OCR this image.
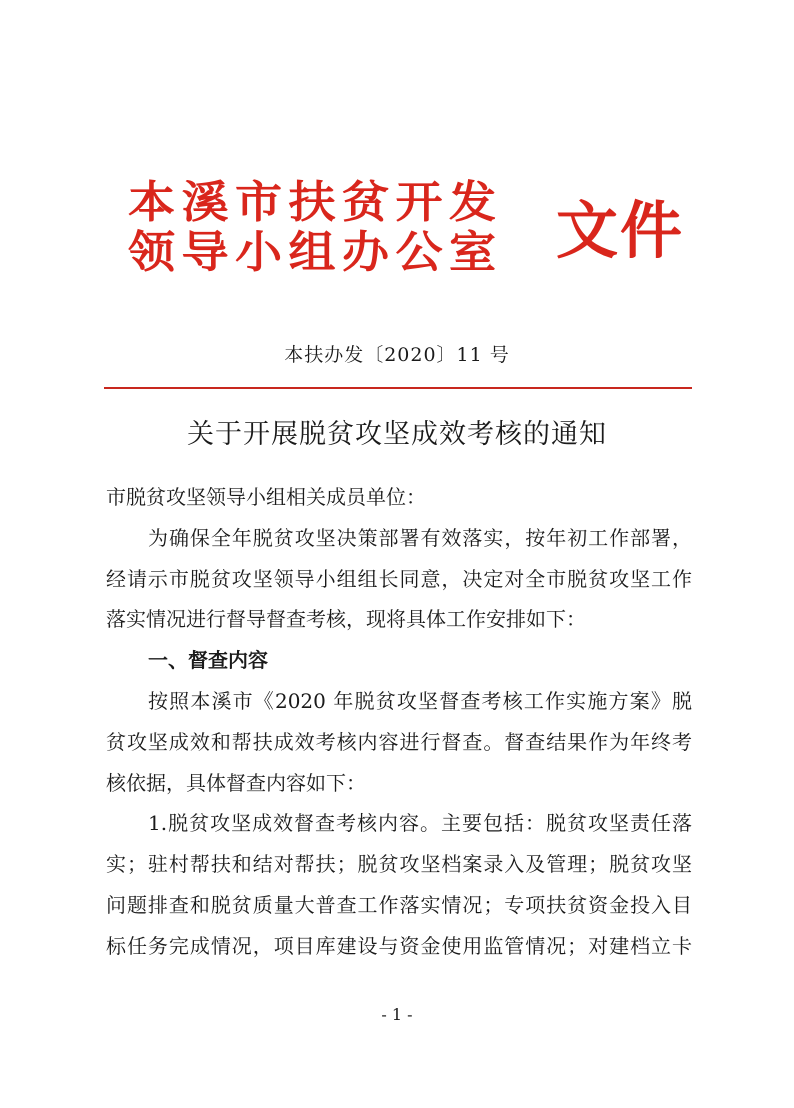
本溪市扶贫开发
领导小组办公室 文件
本扶办发〔2020〕11 号
关于开展脱贫攻坚成效考核的通知

市脱贫攻坚领导小组相关成员单位：

为确保全年脱贫攻坚决策部署有效落实，按年初工作部署，

经请示市脱贫攻坚领导小组组长同意，决定对全市脱贫攻坚工作

落实情况进行督导督查考核，现将具体工作安排如下：

一、督查内容

按照本溪市《2020 年脱贫攻坚督查考核工作实施方案》脱

贫攻坚成效和帮扶成效考核内容进行督查。督查结果作为年终考

核依据，具体督查内容如下：

1.脱贫攻坚成效督查考核内容。主要包括：脱贫攻坚责任落

实；驻村帮扶和结对帮扶；脱贫攻坚档案录入及管理；脱贫攻坚

问题排查和脱贫质量大普查工作落实情况；专项扶贫资金投入目

标任务完成情况，项目库建设与资金使用监管情况；对建档立卡

- 1 -
